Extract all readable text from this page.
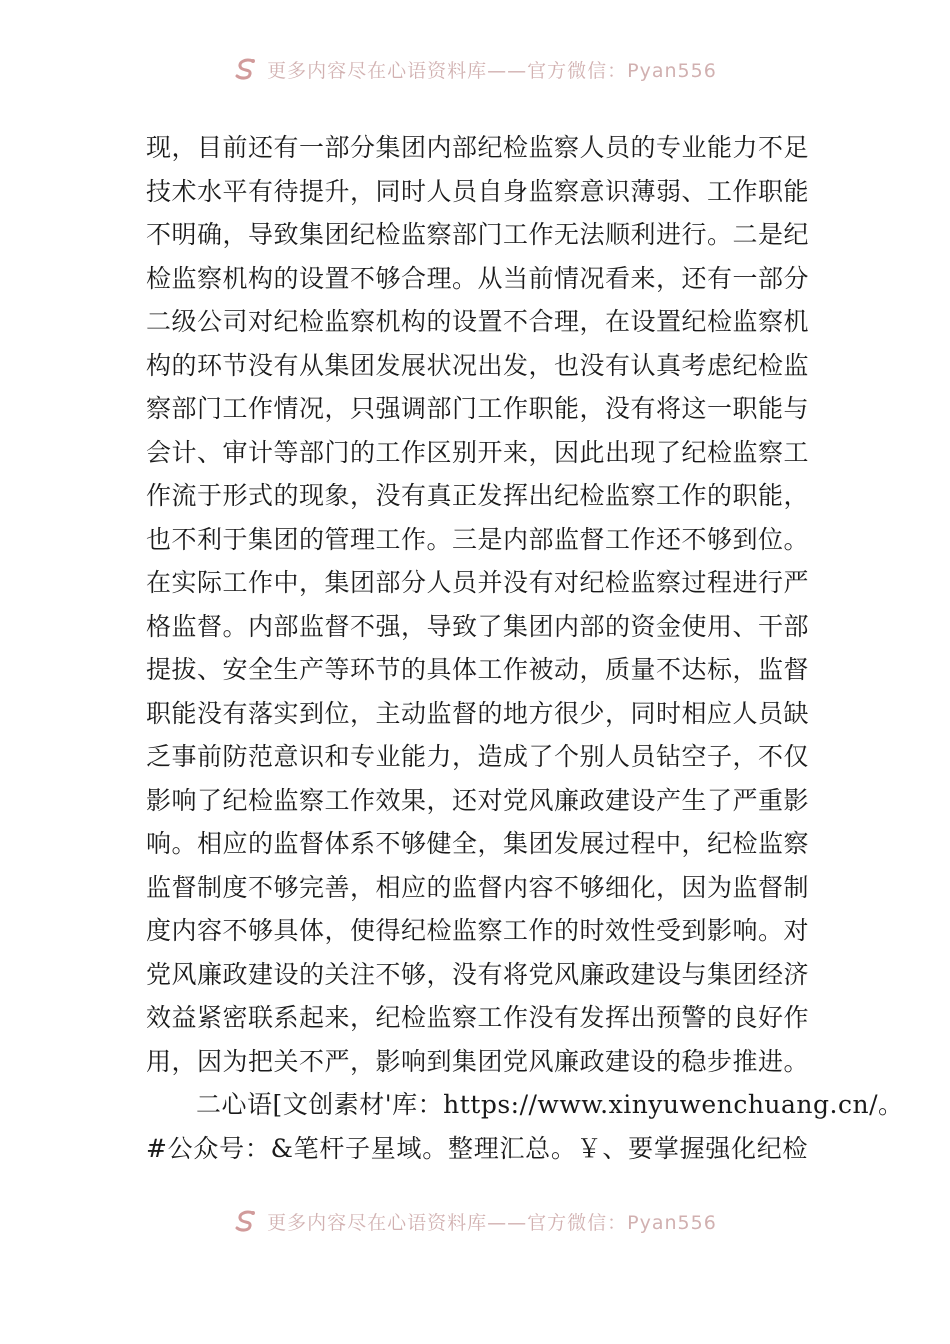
更多内容尽在心语资料库——官方微信：Pyan556
现，目前还有一部分集团内部纪检监察人员的专业能力不足
技术水平有待提升，同时人员自身监察意识薄弱、工作职能
不明确，导致集团纪检监察部门工作无法顺利进行。二是纪
检监察机构的设置不够合理。从当前情况看来，还有一部分
二级公司对纪检监察机构的设置不合理，在设置纪检监察机
构的环节没有从集团发展状况出发，也没有认真考虑纪检监
察部门工作情况，只强调部门工作职能，没有将这一职能与
会计、审计等部门的工作区别开来，因此出现了纪检监察工
作流于形式的现象，没有真正发挥出纪检监察工作的职能，
也不利于集团的管理工作。三是内部监督工作还不够到位。
在实际工作中，集团部分人员并没有对纪检监察过程进行严
格监督。内部监督不强，导致了集团内部的资金使用、干部
提拔、安全生产等环节的具体工作被动，质量不达标，监督
职能没有落实到位，主动监督的地方很少，同时相应人员缺
乏事前防范意识和专业能力，造成了个别人员钻空子，不仅
影响了纪检监察工作效果，还对党风廉政建设产生了严重影
响。相应的监督体系不够健全，集团发展过程中，纪检监察
监督制度不够完善，相应的监督内容不够细化，因为监督制
度内容不够具体，使得纪检监察工作的时效性受到影响。对
党风廉政建设的关注不够，没有将党风廉政建设与集团经济
效益紧密联系起来，纪检监察工作没有发挥出预警的良好作
用，因为把关不严，影响到集团党风廉政建设的稳步推进。
二心语[文创素材'库：https://www.xinyuwenchuang.cn/。
#公众号：&笔杆子星域。整理汇总。￥、要掌握强化纪检
更多内容尽在心语资料库——官方微信：Pyan556
